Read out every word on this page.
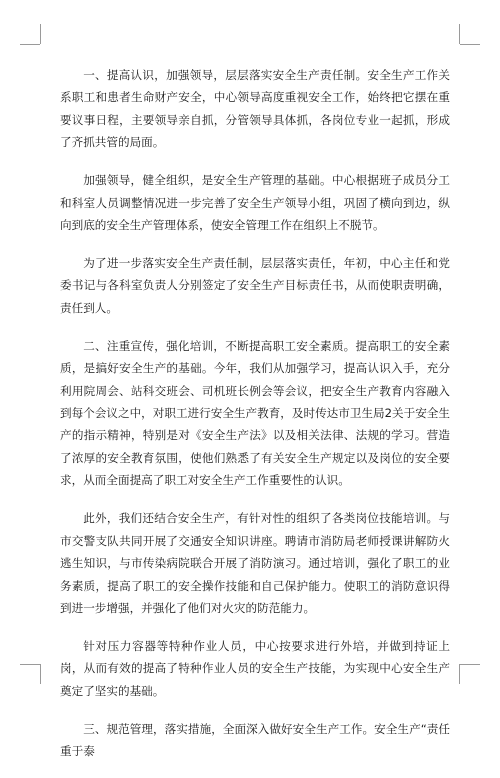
一、提高认识，加强领导，层层落实安全生产责任制。安全生产工作关系职工和患者生命财产安全，中心领导高度重视安全工作，始终把它摆在重要议事日程，主要领导亲自抓，分管领导具体抓，各岗位专业一起抓，形成了齐抓共管的局面。

加强领导，健全组织，是安全生产管理的基础。中心根据班子成员分工和科室人员调整情况进一步完善了安全生产领导小组，巩固了横向到边，纵向到底的安全生产管理体系，使安全管理工作在组织上不脱节。

为了进一步落实安全生产责任制，层层落实责任，年初，中心主任和党委书记与各科室负责人分别签定了安全生产目标责任书，从而使职责明确，责任到人。

二、注重宣传，强化培训，不断提高职工安全素质。提高职工的安全素质，是搞好安全生产的基础。今年，我们从加强学习，提高认识入手，充分利用院周会、站科交班会、司机班长例会等会议，把安全生产教育内容融入到每个会议之中，对职工进行安全生产教育，及时传达市卫生局2关于安全生产的指示精神，特别是对《安全生产法》以及相关法律、法规的学习。营造了浓厚的安全教育氛围，使他们熟悉了有关安全生产规定以及岗位的安全要求，从而全面提高了职工对安全生产工作重要性的认识。

此外，我们还结合安全生产，有针对性的组织了各类岗位技能培训。与市交警支队共同开展了交通安全知识讲座。聘请市消防局老师授课讲解防火逃生知识，与市传染病院联合开展了消防演习。通过培训，强化了职工的业务素质，提高了职工的安全操作技能和自己保护能力。使职工的消防意识得到进一步增强，并强化了他们对火灾的防范能力。

针对压力容器等特种作业人员，中心按要求进行外培，并做到持证上岗，从而有效的提高了特种作业人员的安全生产技能，为实现中心安全生产奠定了坚实的基础。

三、规范管理，落实措施，全面深入做好安全生产工作。安全生产“责任重于泰
